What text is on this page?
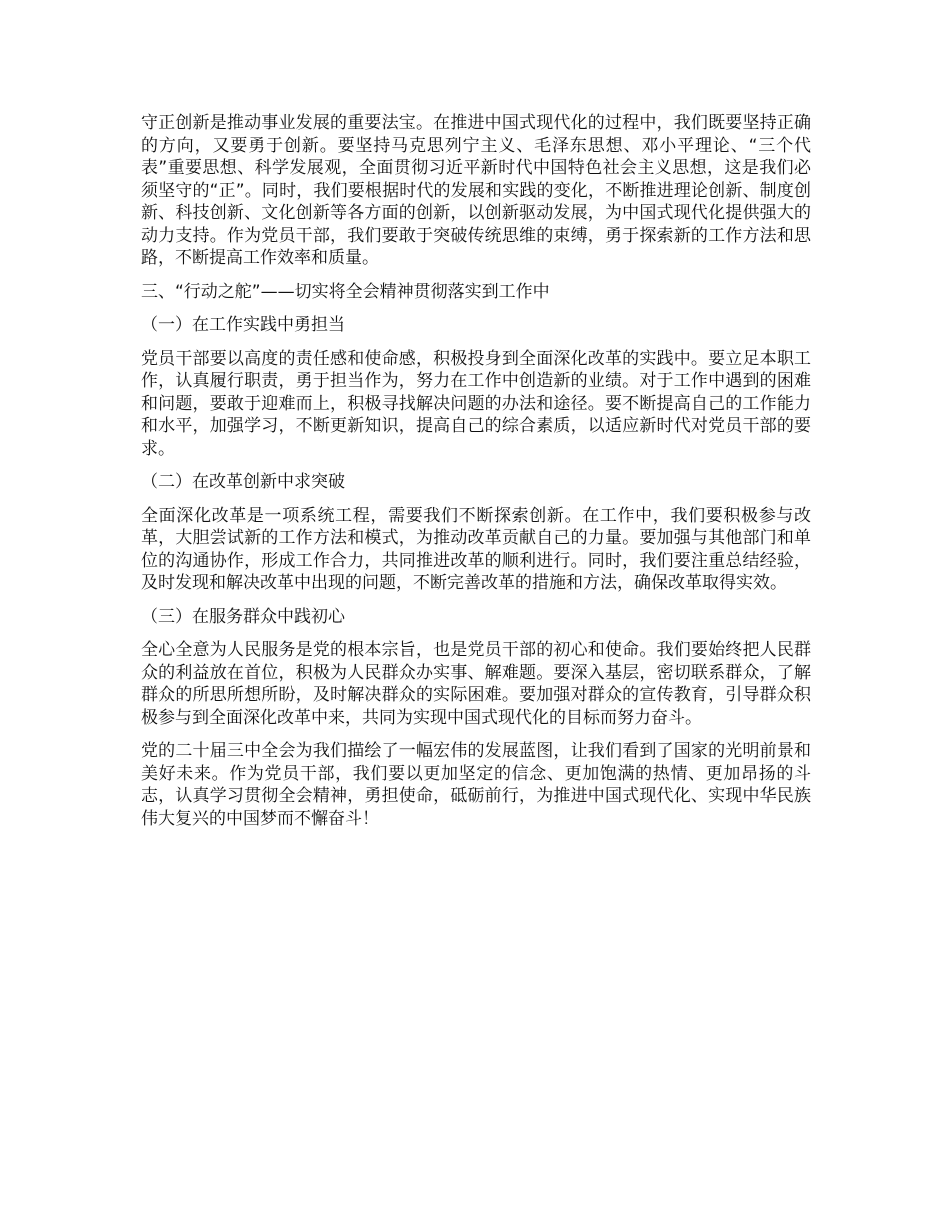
守正创新是推动事业发展的重要法宝。在推进中国式现代化的过程中，我们既要坚持正确的方向，又要勇于创新。要坚持马克思列宁主义、毛泽东思想、邓小平理论、“三个代表”重要思想、科学发展观，全面贯彻习近平新时代中国特色社会主义思想，这是我们必须坚守的“正”。同时，我们要根据时代的发展和实践的变化，不断推进理论创新、制度创新、科技创新、文化创新等各方面的创新，以创新驱动发展，为中国式现代化提供强大的动力支持。作为党员干部，我们要敢于突破传统思维的束缚，勇于探索新的工作方法和思路，不断提高工作效率和质量。

三、“行动之舵”——切实将全会精神贯彻落实到工作中

（一）在工作实践中勇担当

党员干部要以高度的责任感和使命感，积极投身到全面深化改革的实践中。要立足本职工作，认真履行职责，勇于担当作为，努力在工作中创造新的业绩。对于工作中遇到的困难和问题，要敢于迎难而上，积极寻找解决问题的办法和途径。要不断提高自己的工作能力和水平，加强学习，不断更新知识，提高自己的综合素质，以适应新时代对党员干部的要求。

（二）在改革创新中求突破

全面深化改革是一项系统工程，需要我们不断探索创新。在工作中，我们要积极参与改革，大胆尝试新的工作方法和模式，为推动改革贡献自己的力量。要加强与其他部门和单位的沟通协作，形成工作合力，共同推进改革的顺利进行。同时，我们要注重总结经验，及时发现和解决改革中出现的问题，不断完善改革的措施和方法，确保改革取得实效。

（三）在服务群众中践初心

全心全意为人民服务是党的根本宗旨，也是党员干部的初心和使命。我们要始终把人民群众的利益放在首位，积极为人民群众办实事、解难题。要深入基层，密切联系群众，了解群众的所思所想所盼，及时解决群众的实际困难。要加强对群众的宣传教育，引导群众积极参与到全面深化改革中来，共同为实现中国式现代化的目标而努力奋斗。

党的二十届三中全会为我们描绘了一幅宏伟的发展蓝图，让我们看到了国家的光明前景和美好未来。作为党员干部，我们要以更加坚定的信念、更加饱满的热情、更加昂扬的斗志，认真学习贯彻全会精神，勇担使命，砥砺前行，为推进中国式现代化、实现中华民族伟大复兴的中国梦而不懈奋斗！
